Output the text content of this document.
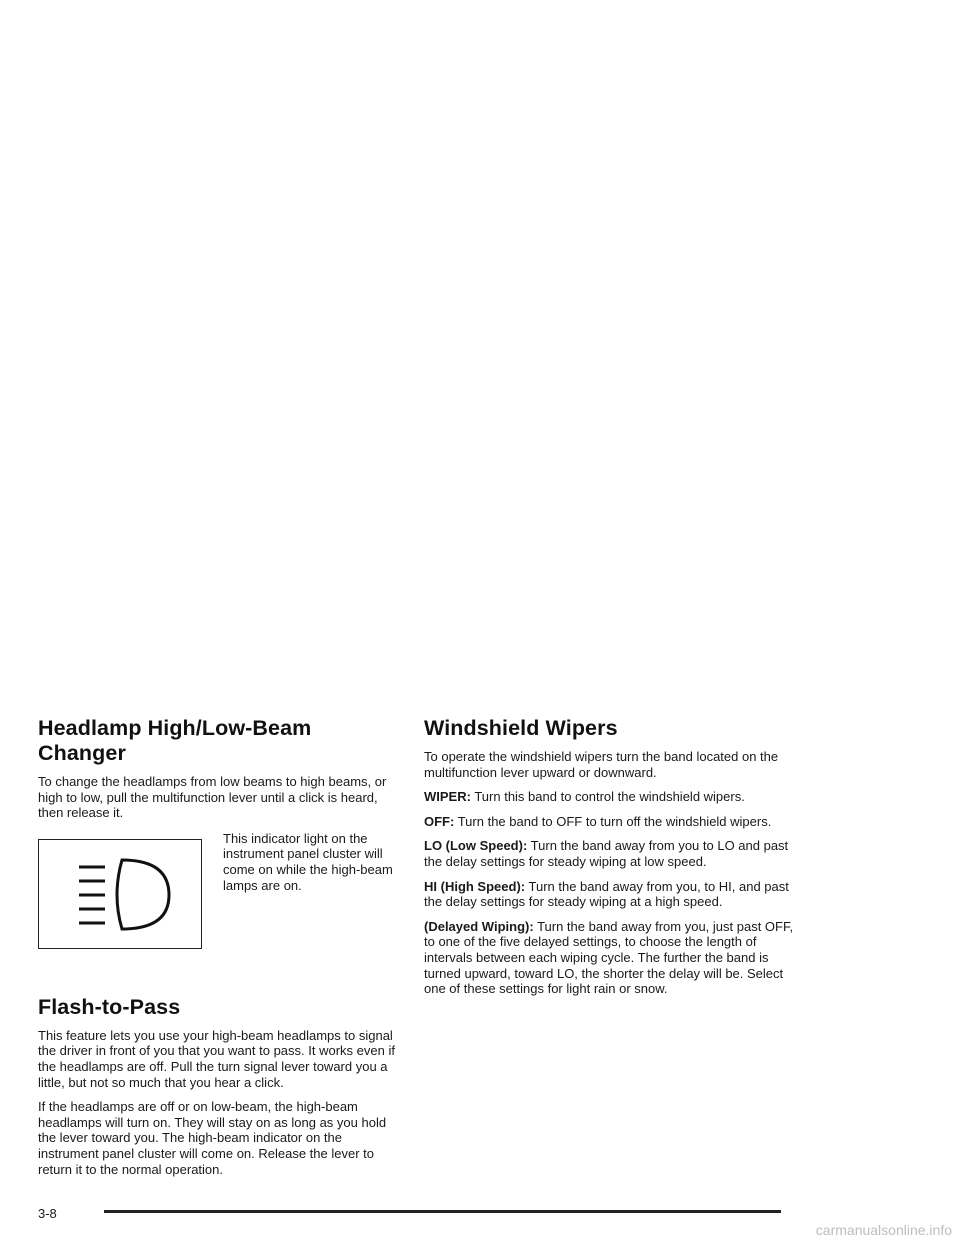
Headlamp High/Low-Beam Changer

To change the headlamps from low beams to high beams, or high to low, pull the multifunction lever until a click is heard, then release it.

This indicator light on the instrument panel cluster will come on while the high-beam lamps are on.

Flash-to-Pass

This feature lets you use your high-beam headlamps to signal the driver in front of you that you want to pass. It works even if the headlamps are off. Pull the turn signal lever toward you a little, but not so much that you hear a click.

If the headlamps are off or on low-beam, the high-beam headlamps will turn on. They will stay on as long as you hold the lever toward you. The high-beam indicator on the instrument panel cluster will come on. Release the lever to return it to the normal operation.

Windshield Wipers

To operate the windshield wipers turn the band located on the multifunction lever upward or downward.

WIPER: Turn this band to control the windshield wipers.

OFF: Turn the band to OFF to turn off the windshield wipers.

LO (Low Speed): Turn the band away from you to LO and past the delay settings for steady wiping at low speed.

HI (High Speed): Turn the band away from you, to HI, and past the delay settings for steady wiping at a high speed.

(Delayed Wiping): Turn the band away from you, just past OFF, to one of the five delayed settings, to choose the length of intervals between each wiping cycle. The further the band is turned upward, toward LO, the shorter the delay will be. Select one of these settings for light rain or snow.

3-8
carmanualsonline.info
